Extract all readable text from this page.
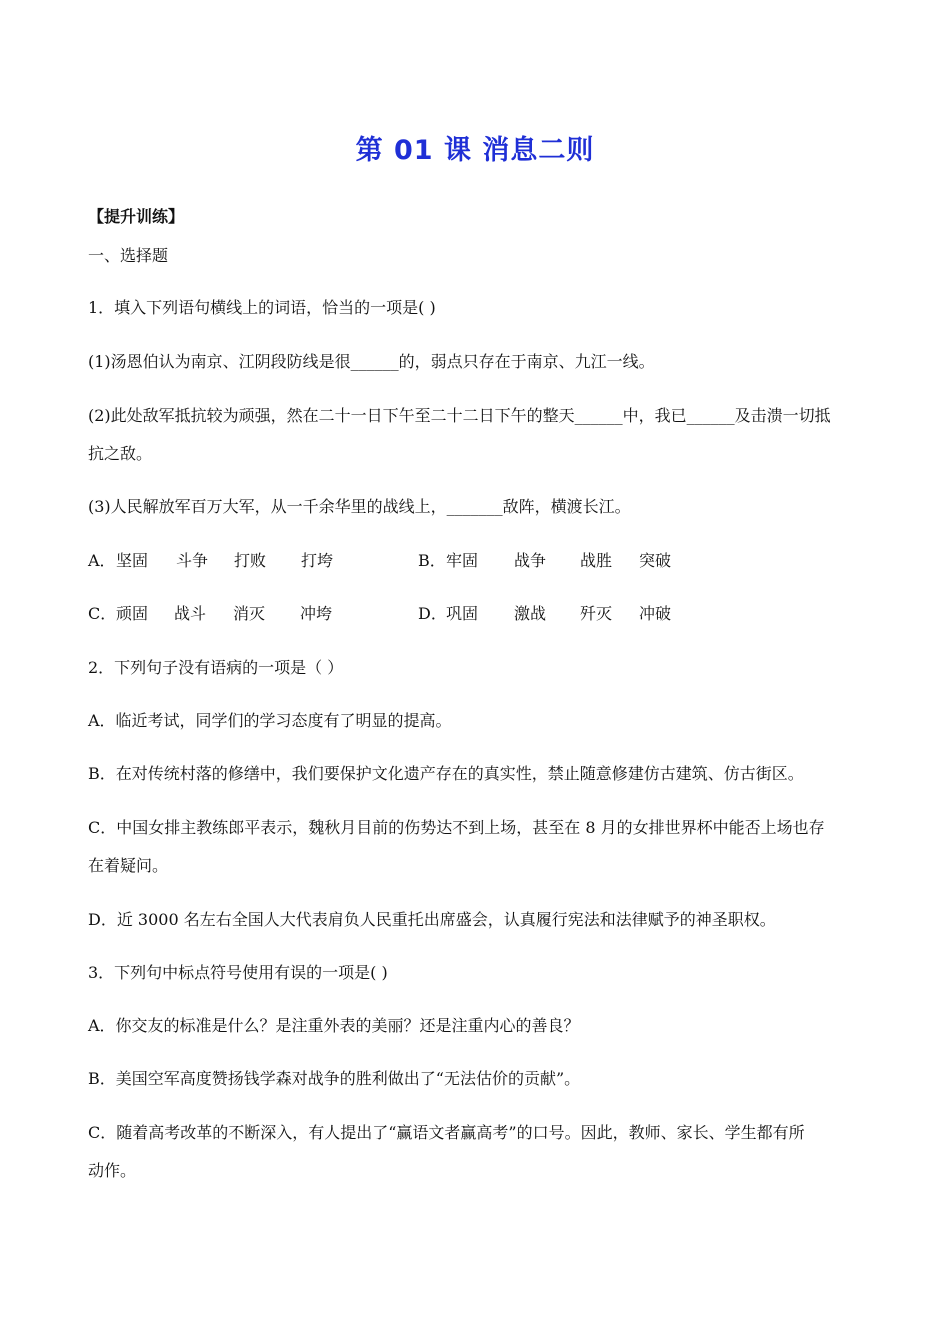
第 01 课 消息二则
【提升训练】
一、选择题
1．填入下列语句横线上的词语，恰当的一项是( )
(1)汤恩伯认为南京、江阴段防线是很______的，弱点只存在于南京、九江一线。
(2)此处敌军抵抗较为顽强，然在二十一日下午至二十二日下午的整天______中，我已______及击溃一切抵
抗之敌。
(3)人民解放军百万大军，从一千余华里的战线上，_______敌阵，横渡长江。
A．坚固 斗争 打败 打垮	B．牢固 战争 战胜 突破
C．顽固 战斗 消灭 冲垮	D．巩固 激战 歼灭 冲破
2．下列句子没有语病的一项是（ ）
A．临近考试，同学们的学习态度有了明显的提高。
B．在对传统村落的修缮中，我们要保护文化遗产存在的真实性，禁止随意修建仿古建筑、仿古街区。
C．中国女排主教练郎平表示，魏秋月目前的伤势达不到上场，甚至在 8 月的女排世界杯中能否上场也存
在着疑问。
D．近 3000 名左右全国人大代表肩负人民重托出席盛会，认真履行宪法和法律赋予的神圣职权。
3．下列句中标点符号使用有误的一项是( )
A．你交友的标准是什么？是注重外表的美丽？还是注重内心的善良？
B．美国空军高度赞扬钱学森对战争的胜利做出了“无法估价的贡献”。
C．随着高考改革的不断深入，有人提出了“赢语文者赢高考”的口号。因此，教师、家长、学生都有所
动作。
